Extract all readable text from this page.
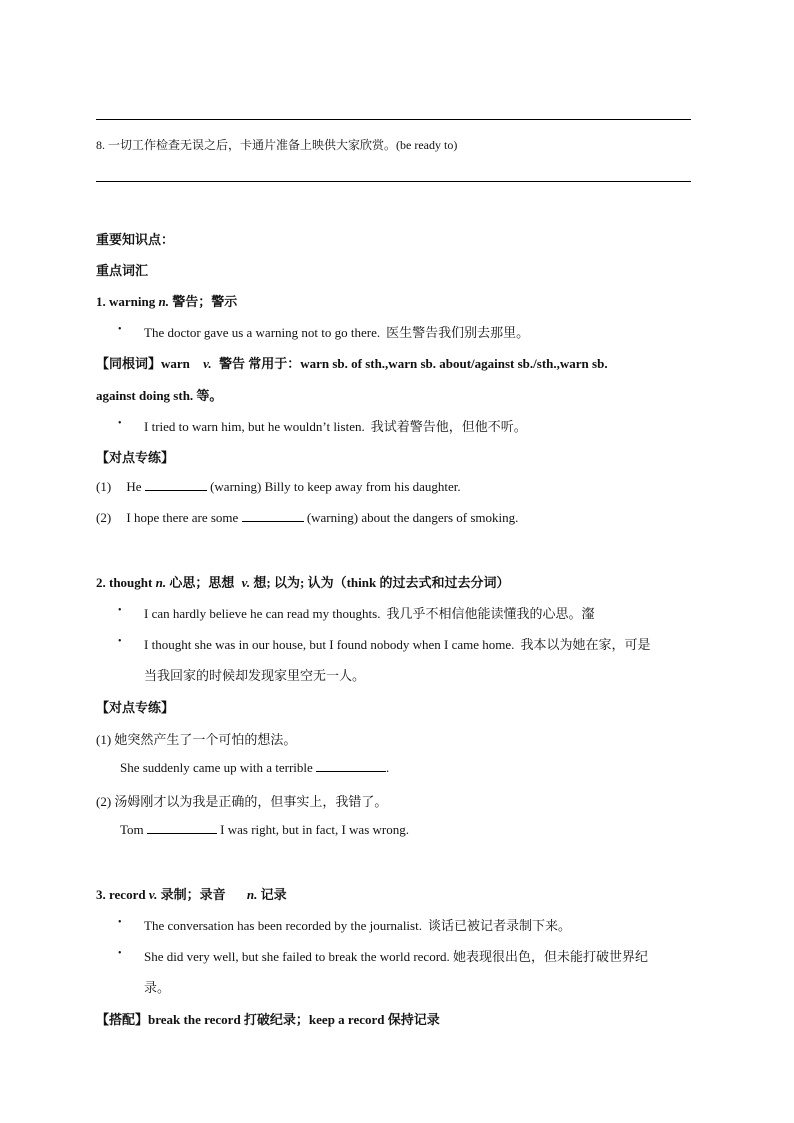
8. 一切工作检查无误之后，卡通片准备上映供大家欣赏。(be ready to)
重要知识点：
重点词汇
1. warning n. 警告；警示
• The doctor gave us a warning not to go there. 医生警告我们别去那里。
【同根词】warn v. 警告 常用于：warn sb. of sth.,warn sb. about/against sb./sth.,warn sb.
against doing sth. 等。
• I tried to warn him, but he wouldn’t listen. 我试着警告他，但他不听。
【对点专练】
(1) He	(warning) Billy to keep away from his daughter.
(2) I hope there are some	(warning) about the dangers of smoking.
2. thought n. 心思；思想 v. 想; 以为; 认为（think 的过去式和过去分词）
• I can hardly believe he can read my thoughts. 我几乎不相信他能读懂我的心思。瀣
• I thought she was in our house, but I found nobody when I came home. 我本以为她在家，可是
当我回家的时候却发现家里空无一人。
【对点专练】
(1) 她突然产生了一个可怕的想法。
She suddenly came up with a terrible	.
(2) 汤姆刚才以为我是正确的，但事实上，我错了。
Tom	I was right, but in fact, I was wrong.
3. record v. 录制；录音 n. 记录
• The conversation has been recorded by the journalist. 谈话已被记者录制下来。
• She did very well, but she failed to break the world record. 她表现很出色，但未能打破世界纪
录。
【搭配】break the record 打破纪录；keep a record 保持记录
